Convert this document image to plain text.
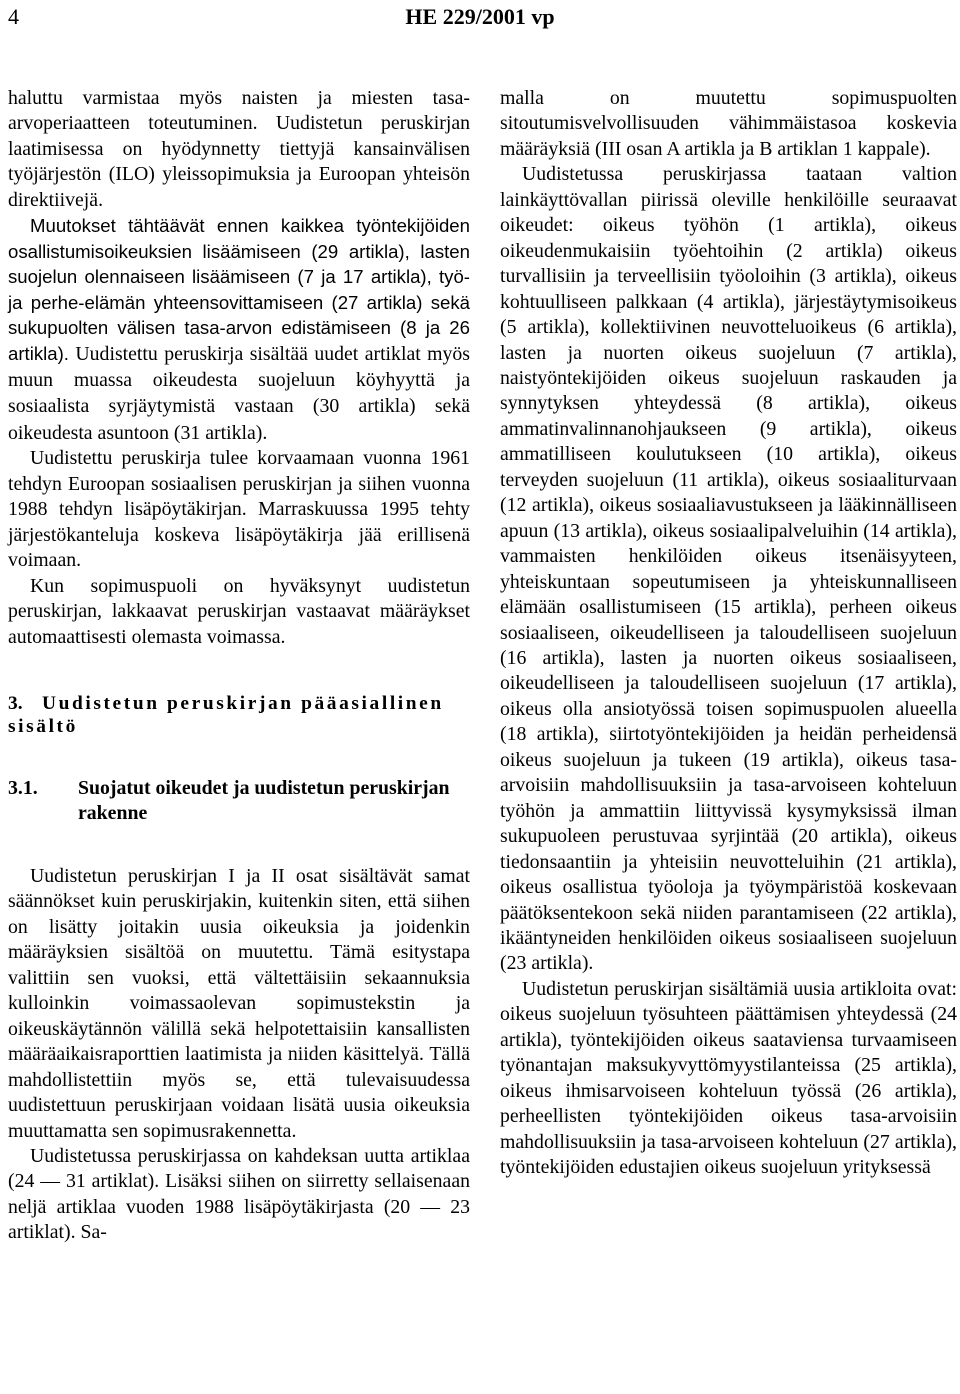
4	HE 229/2001 vp

haluttu varmistaa myös naisten ja miesten tasa-arvoperiaatteen toteutuminen. Uudistetun peruskirjan laatimisessa on hyödynnetty tiettyjä kansainvälisen työjärjestön (ILO) yleissopimuksia ja Euroopan yhteisön direktiivejä.

Muutokset tähtäävät ennen kaikkea työntekijöiden osallistumisoikeuksien lisäämiseen (29 artikla), lasten suojelun olennaiseen lisäämiseen (7 ja 17 artikla), työ- ja perhe-elämän yhteensovittamiseen (27 artikla) sekä sukupuolten välisen tasa-arvon edistämiseen (8 ja 26 artikla). Uudistettu peruskirja sisältää uudet artiklat myös muun muassa oikeudesta suojeluun köyhyyttä ja sosiaalista syrjäytymistä vastaan (30 artikla) sekä oikeudesta asuntoon (31 artikla).

Uudistettu peruskirja tulee korvaamaan vuonna 1961 tehdyn Euroopan sosiaalisen peruskirjan ja siihen vuonna 1988 tehdyn lisäpöytäkirjan. Marraskuussa 1995 tehty järjestökanteluja koskeva lisäpöytäkirja jää erillisenä voimaan.

Kun sopimuspuoli on hyväksynyt uudistetun peruskirjan, lakkaavat peruskirjan vastaavat määräykset automaattisesti olemasta voimassa.

3. Uudistetun peruskirjan pääasiallinen sisältö
3.1. Suojatut oikeudet ja uudistetun peruskirjan rakenne

Uudistetun peruskirjan I ja II osat sisältävät samat säännökset kuin peruskirjakin, kuitenkin siten, että siihen on lisätty joitakin uusia oikeuksia ja joidenkin määräyksien sisältöä on muutettu. Tämä esitystapa valittiin sen vuoksi, että vältettäisiin sekaannuksia kulloinkin voimassaolevan sopimustekstin ja oikeuskäytännön välillä sekä helpotettaisiin kansallisten määräaikaisraporttien laatimista ja niiden käsittelyä. Tällä mahdollistettiin myös se, että tulevaisuudessa uudistettuun peruskirjaan voidaan lisätä uusia oikeuksia muuttamatta sen sopimusrakennetta.

Uudistetussa peruskirjassa on kahdeksan uutta artiklaa (24 — 31 artiklat). Lisäksi siihen on siirretty sellaisenaan neljä artiklaa vuoden 1988 lisäpöytäkirjasta (20 — 23 artiklat). Sa-

malla on muutettu sopimuspuolten sitoutumisvelvollisuuden vähimmäistasoa koskevia määräyksiä (III osan A artikla ja B artiklan 1 kappale).

Uudistetussa peruskirjassa taataan valtion lainkäyttövallan piirissä oleville henkilöille seuraavat oikeudet: oikeus työhön (1 artikla), oikeus oikeudenmukaisiin työehtoihin (2 artikla) oikeus turvallisiin ja terveellisiin työoloihin (3 artikla), oikeus kohtuulliseen palkkaan (4 artikla), järjestäytymisoikeus (5 artikla), kollektiivinen neuvotteluoikeus (6 artikla), lasten ja nuorten oikeus suojeluun (7 artikla), naistyöntekijöiden oikeus suojeluun raskauden ja synnytyksen yhteydessä (8 artikla), oikeus ammatinvalinnanohjaukseen (9 artikla), oikeus ammatilliseen koulutukseen (10 artikla), oikeus terveyden suojeluun (11 artikla), oikeus sosiaaliturvaan (12 artikla), oikeus sosiaaliavustukseen ja lääkinnälliseen apuun (13 artikla), oikeus sosiaalipalveluihin (14 artikla), vammaisten henkilöiden oikeus itsenäisyyteen, yhteiskuntaan sopeutumiseen ja yhteiskunnalliseen elämään osallistumiseen (15 artikla), perheen oikeus sosiaaliseen, oikeudelliseen ja taloudelliseen suojeluun (16 artikla), lasten ja nuorten oikeus sosiaaliseen, oikeudelliseen ja taloudelliseen suojeluun (17 artikla), oikeus olla ansiotyössä toisen sopimuspuolen alueella (18 artikla), siirtotyöntekijöiden ja heidän perheidensä oikeus suojeluun ja tukeen (19 artikla), oikeus tasa-arvoisiin mahdollisuuksiin ja tasa-arvoiseen kohteluun työhön ja ammattiin liittyvissä kysymyksissä ilman sukupuoleen perustuvaa syrjintää (20 artikla), oikeus tiedonsaantiin ja yhteisiin neuvotteluihin (21 artikla), oikeus osallistua työoloja ja työympäristöä koskevaan päätöksentekoon sekä niiden parantamiseen (22 artikla), ikääntyneiden henkilöiden oikeus sosiaaliseen suojeluun (23 artikla).

Uudistetun peruskirjan sisältämiä uusia artikloita ovat: oikeus suojeluun työsuhteen päättämisen yhteydessä (24 artikla), työntekijöiden oikeus saataviensa turvaamiseen työnantajan maksukyvyttömyystilanteissa (25 artikla), oikeus ihmisarvoiseen kohteluun työssä (26 artikla), perheellisten työntekijöiden oikeus tasa-arvoisiin mahdollisuuksiin ja tasa-arvoiseen kohteluun (27 artikla), työntekijöiden edustajien oikeus suojeluun yrityksessä
